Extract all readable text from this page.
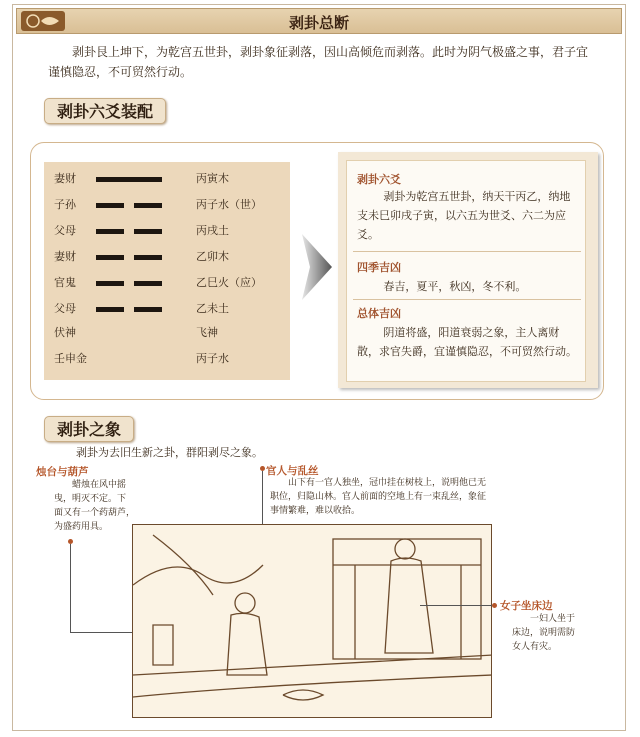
剥卦总断
剥卦艮上坤下，为乾宫五世卦，剥卦象征剥落，因山高倾危而剥落。此时为阴气极盛之事，君子宜谨慎隐忍，不可贸然行动。
剥卦六爻装配
妻财	丙寅木
子孙	丙子水（世）
父母	丙戌土
妻财	乙卯木
官鬼	乙巳火（应）
父母	乙未土
伏神	飞神
壬申金	丙子水
剥卦六爻
剥卦为乾宫五世卦，纳天干丙乙，纳地支未巳卯戌子寅，以六五为世爻、六二为应爻。
四季吉凶
春吉，夏平，秋凶，冬不利。
总体吉凶
阴道将盛，阳道衰弱之象，主人离财散，求官失爵，宜谨慎隐忍，不可贸然行动。
剥卦之象
剥卦为去旧生新之卦，群阳剥尽之象。
烛台与葫芦
蜡烛在风中摇
曳，明灭不定。下
面又有一个药葫芦，
为盛药用具。
官人与乱丝
山下有一官人独坐，冠巾挂在树枝上，说明他已无
职位，归隐山林。官人前面的空地上有一束乱丝，象征
事情繁难，难以收拾。
女子坐床边
一妇人坐于
床边，说明需防
女人有灾。
